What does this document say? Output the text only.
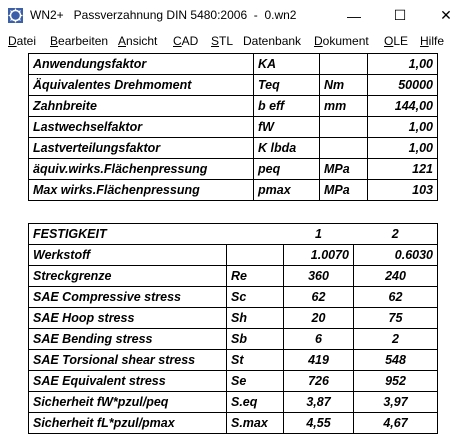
WN2+   Passverzahnung DIN 5480:2006  -  0.wn2	—	☐	✕
Datei Bearbeiten Ansicht CAD STL Datenbank Dokument OLE Hilfe
Anwendungsfaktor	KA		1,00
Äquivalentes Drehmoment	Teq	Nm	50000
Zahnbreite	b eff	mm	144,00
Lastwechselfaktor	fW		1,00
Lastverteilungsfaktor	K lbda		1,00
äquiv.wirks.Flächenpressung	peq	MPa	121
Max wirks.Flächenpressung	pmax	MPa	103
FESTIGKEIT		1	2
Werkstoff		1.0070	0.6030
Streckgrenze	Re	360	240
SAE Compressive stress	Sc	62	62
SAE Hoop stress	Sh	20	75
SAE Bending stress	Sb	6	2
SAE Torsional shear stress	St	419	548
SAE Equivalent stress	Se	726	952
Sicherheit fW*pzul/peq	S.eq	3,87	3,97
Sicherheit fL*pzul/pmax	S.max	4,55	4,67
